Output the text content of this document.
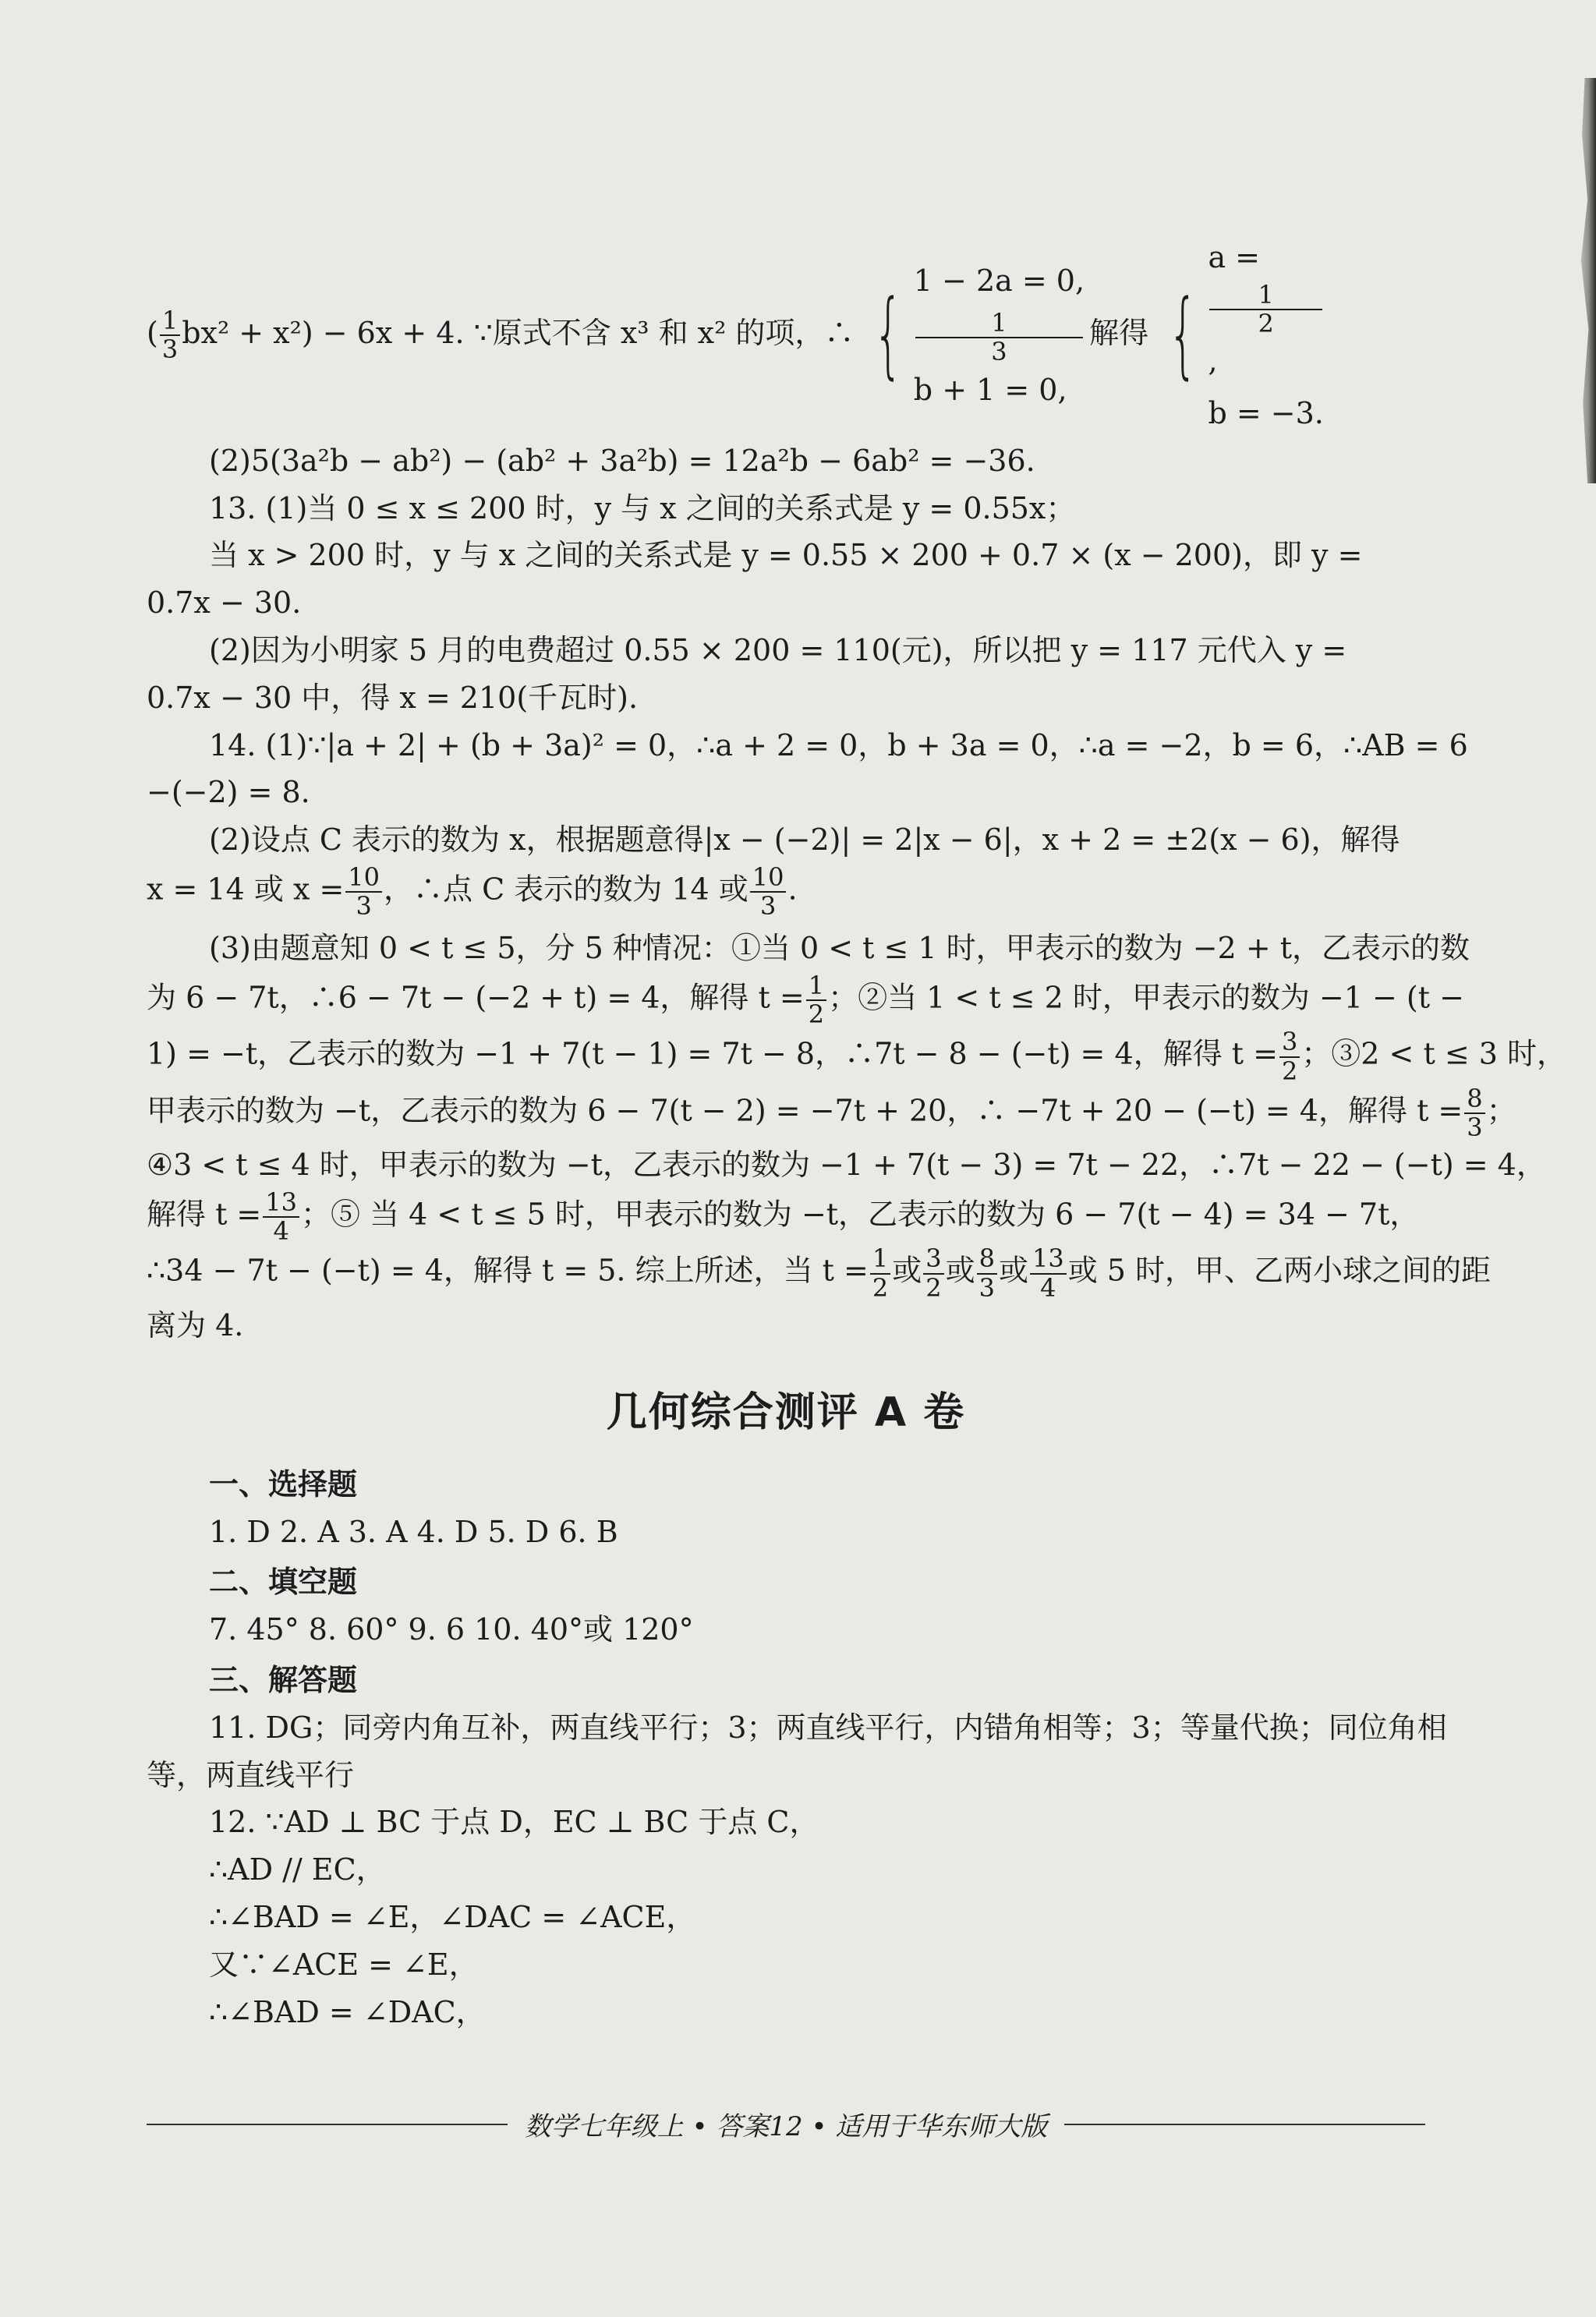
( $\frac{1}{3} bx^2 + x^2) - 6x + 4$. ∵原式不含 x³ 和 x² 的项，∴ { 1 − 2a = 0,
1
3
b + 1 = 0,
解得 {
a =
1
2
,
b = −3.

(2)5(3a²b − ab²) − (ab² + 3a²b) = 12a²b − 6ab² = −36.

13. (1)当 0 ≤ x ≤ 200 时，y 与 x 之间的关系式是 y = 0.55x；

当 x > 200 时，y 与 x 之间的关系式是 y = 0.55 × 200 + 0.7 × (x − 200)，即 y =

0.7x − 30.

(2)因为小明家 5 月的电费超过 0.55 × 200 = 110(元)，所以把 y = 117 元代入 y =

0.7x − 30 中，得 x = 210(千瓦时).

14. (1)∵|a + 2| + (b + 3a)² = 0，∴a + 2 = 0，b + 3a = 0，∴a = −2，b = 6，∴AB = 6

−(−2) = 8.

(2)设点 C 表示的数为 x，根据题意得|x − (−2)| = 2|x − 6|，x + 2 = ±2(x − 6)，解得

x = 14 或 $x = \frac{10}{3}$ ，∴点 C 表示的数为 14 或 $\frac{10}{3}$ .

(3)由题意知 0 < t ≤ 5，分 5 种情况：①当 0 < t ≤ 1 时，甲表示的数为 −2 + t，乙表示的数

为 6 − 7t，∴6 − 7t − (−2 + t) = 4，解得 $t = \frac{1}{2}$ ；②当 1 < t ≤ 2 时，甲表示的数为 −1 − (t −

1) = −t，乙表示的数为 −1 + 7(t − 1) = 7t − 8，∴7t − 8 − (−t) = 4，解得 $t = \frac{3}{2}$ ；③2 < t ≤ 3 时，

甲表示的数为 −t，乙表示的数为 6 − 7(t − 2) = −7t + 20，∴ −7t + 20 − (−t) = 4，解得 $t = \frac{8}{3}$ ；

④3 < t ≤ 4 时，甲表示的数为 −t，乙表示的数为 −1 + 7(t − 3) = 7t − 22，∴7t − 22 − (−t) = 4，

解得 $t = \frac{13}{4}$ ；⑤ 当 4 < t ≤ 5 时，甲表示的数为 −t，乙表示的数为 6 − 7(t − 4) = 34 − 7t，

∴34 − 7t − (−t) = 4，解得 t = 5. 综上所述，当 $t = \frac{1}{2}$ 或 $\frac{3}{2}$ 或 $\frac{8}{3}$ 或 $\frac{13}{4}$ 或 5 时，甲、乙两小球之间的距

离为 4.

几何综合测评 A 卷
一、选择题

1. D 2. A 3. A 4. D 5. D 6. B

二、填空题

7. 45° 8. 60° 9. 6 10. 40°或 120°

三、解答题

11. DG；同旁内角互补，两直线平行；3；两直线平行，内错角相等；3；等量代换；同位角相

等，两直线平行

12. ∵AD ⊥ BC 于点 D，EC ⊥ BC 于点 C，

∴AD // EC，

∴∠BAD = ∠E，∠DAC = ∠ACE，

又∵∠ACE = ∠E，

∴∠BAD = ∠DAC，

数学七年级上 • 答案12 • 适用于华东师大版
